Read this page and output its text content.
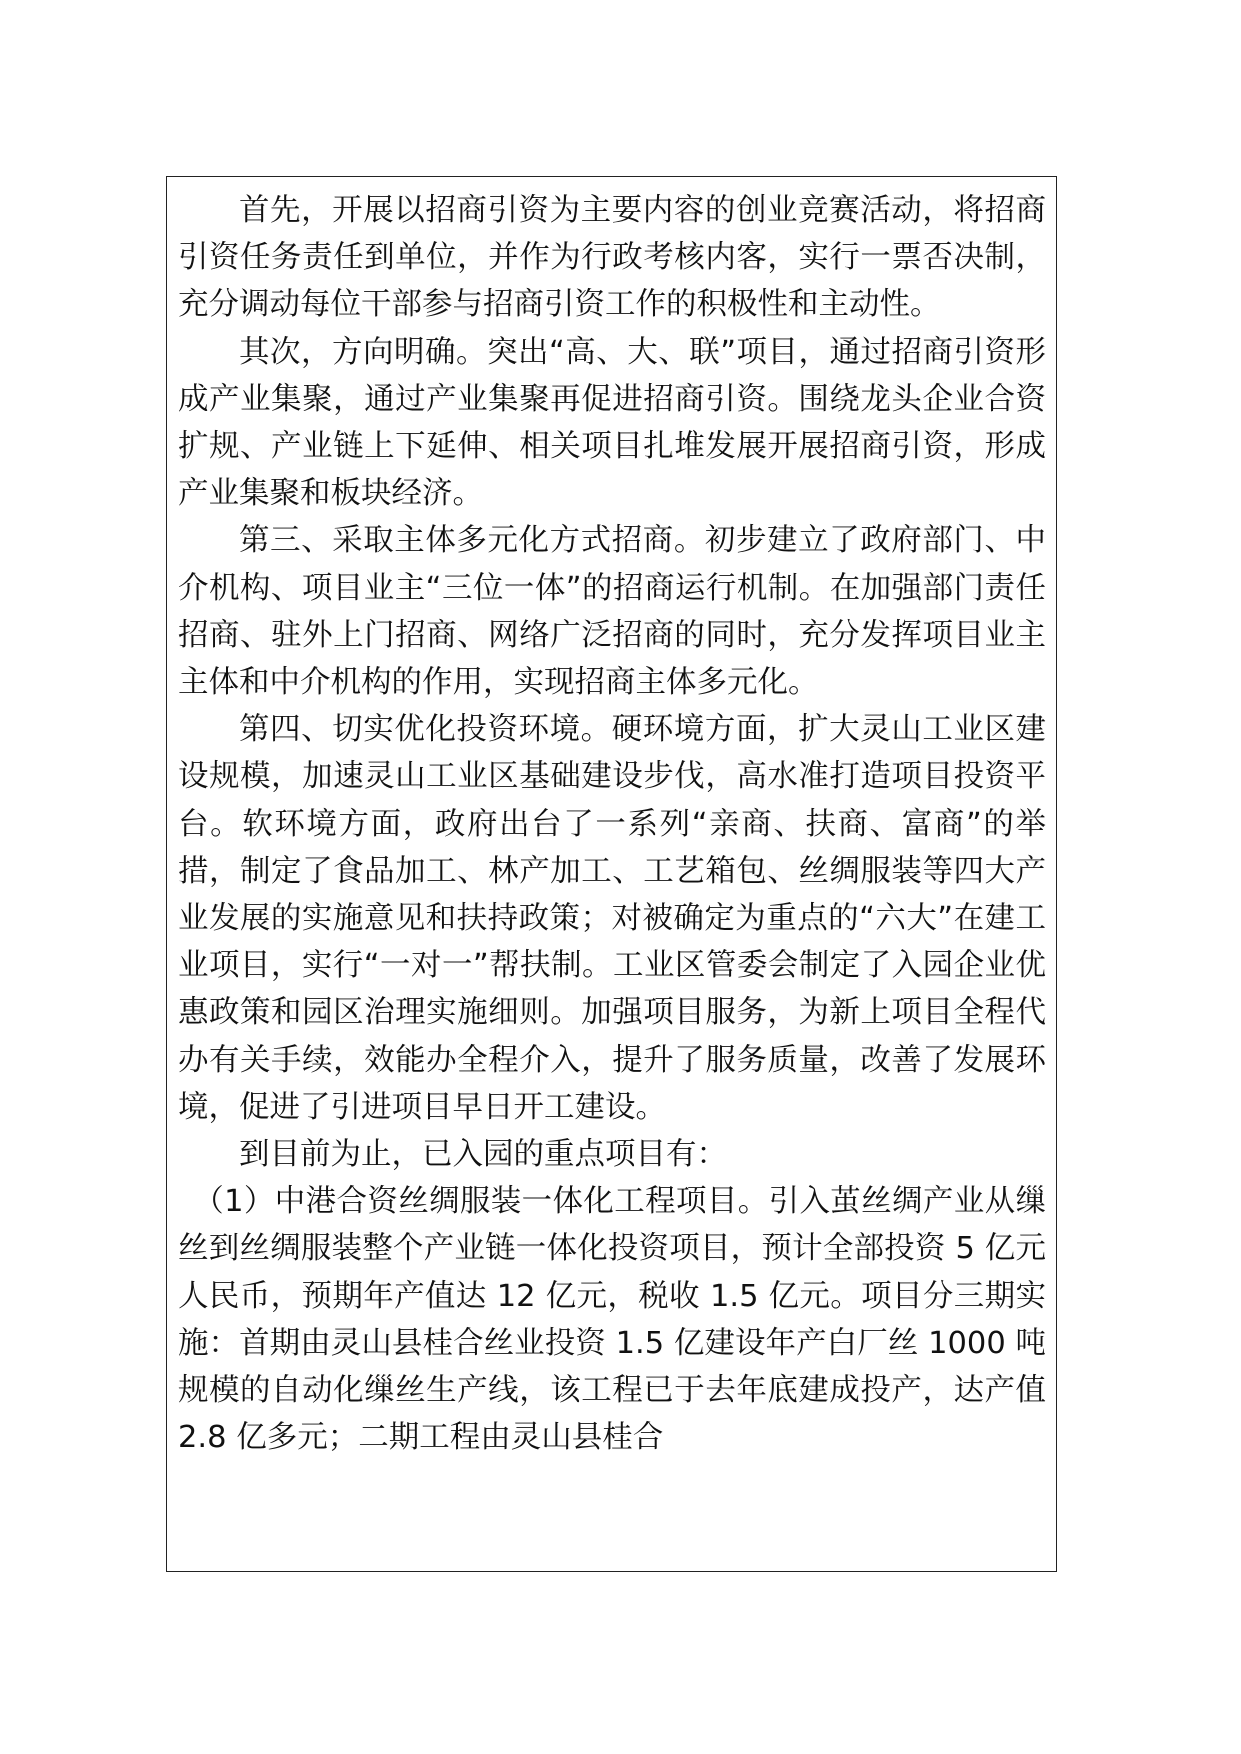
首先，开展以招商引资为主要内容的创业竞赛活动，将招商引资任务责任到单位，并作为行政考核内客，实行一票否决制，充分调动每位干部参与招商引资工作的积极性和主动性。

其次，方向明确。突出“高、大、联”项目，通过招商引资形成产业集聚，通过产业集聚再促进招商引资。围绕龙头企业合资扩规、产业链上下延伸、相关项目扎堆发展开展招商引资，形成产业集聚和板块经济。

第三、采取主体多元化方式招商。初步建立了政府部门、中介机构、项目业主“三位一体”的招商运行机制。在加强部门责任招商、驻外上门招商、网络广泛招商的同时，充分发挥项目业主主体和中介机构的作用，实现招商主体多元化。

第四、切实优化投资环境。硬环境方面，扩大灵山工业区建设规模，加速灵山工业区基础建设步伐，高水准打造项目投资平台。软环境方面，政府出台了一系列“亲商、扶商、富商”的举措，制定了食品加工、林产加工、工艺箱包、丝绸服装等四大产业发展的实施意见和扶持政策；对被确定为重点的“六大”在建工业项目，实行“一对一”帮扶制。工业区管委会制定了入园企业优惠政策和园区治理实施细则。加强项目服务，为新上项目全程代办有关手续，效能办全程介入，提升了服务质量，改善了发展环境，促进了引进项目早日开工建设。

到目前为止，已入园的重点项目有：

（1）中港合资丝绸服装一体化工程项目。引入茧丝绸产业从缫丝到丝绸服装整个产业链一体化投资项目，预计全部投资 5 亿元人民币，预期年产值达 12 亿元，税收 1.5 亿元。项目分三期实施：首期由灵山县桂合丝业投资 1.5 亿建设年产白厂丝 1000 吨规模的自动化缫丝生产线，该工程已于去年底建成投产，达产值 2.8 亿多元；二期工程由灵山县桂合
